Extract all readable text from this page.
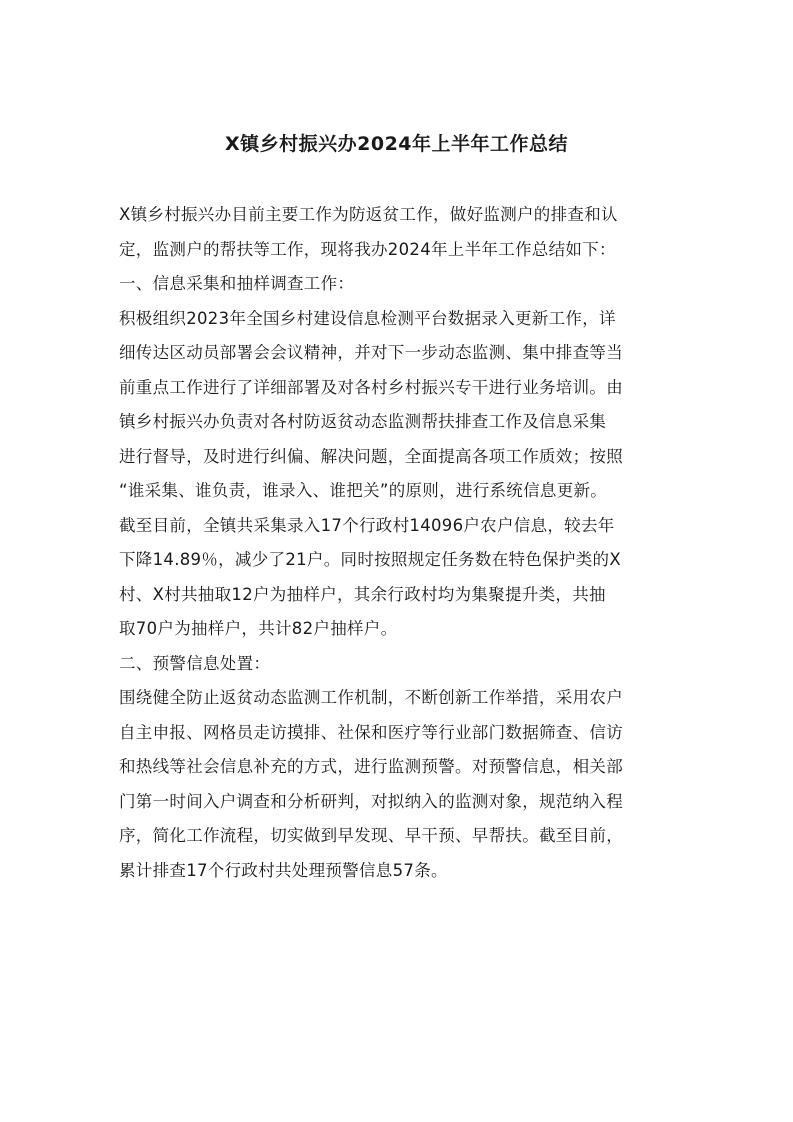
X镇乡村振兴办2024年上半年工作总结
X镇乡村振兴办目前主要工作为防返贫工作，做好监测户的排查和认
定，监测户的帮扶等工作，现将我办2024年上半年工作总结如下：
一、信息采集和抽样调查工作：
积极组织2023年全国乡村建设信息检测平台数据录入更新工作，详
细传达区动员部署会会议精神，并对下一步动态监测、集中排查等当
前重点工作进行了详细部署及对各村乡村振兴专干进行业务培训。由
镇乡村振兴办负责对各村防返贫动态监测帮扶排查工作及信息采集
进行督导，及时进行纠偏、解决问题，全面提高各项工作质效；按照
“谁采集、谁负责，谁录入、谁把关”的原则，进行系统信息更新。
截至目前，全镇共采集录入17个行政村14096户农户信息，较去年
下降14.89％，减少了21户。同时按照规定任务数在特色保护类的X
村、X村共抽取12户为抽样户，其余行政村均为集聚提升类，共抽
取70户为抽样户，共计82户抽样户。
二、预警信息处置：
围绕健全防止返贫动态监测工作机制，不断创新工作举措，采用农户
自主申报、网格员走访摸排、社保和医疗等行业部门数据筛查、信访
和热线等社会信息补充的方式，进行监测预警。对预警信息，相关部
门第一时间入户调查和分析研判，对拟纳入的监测对象，规范纳入程
序，简化工作流程，切实做到早发现、早干预、早帮扶。截至目前，
累计排查17个行政村共处理预警信息57条。
